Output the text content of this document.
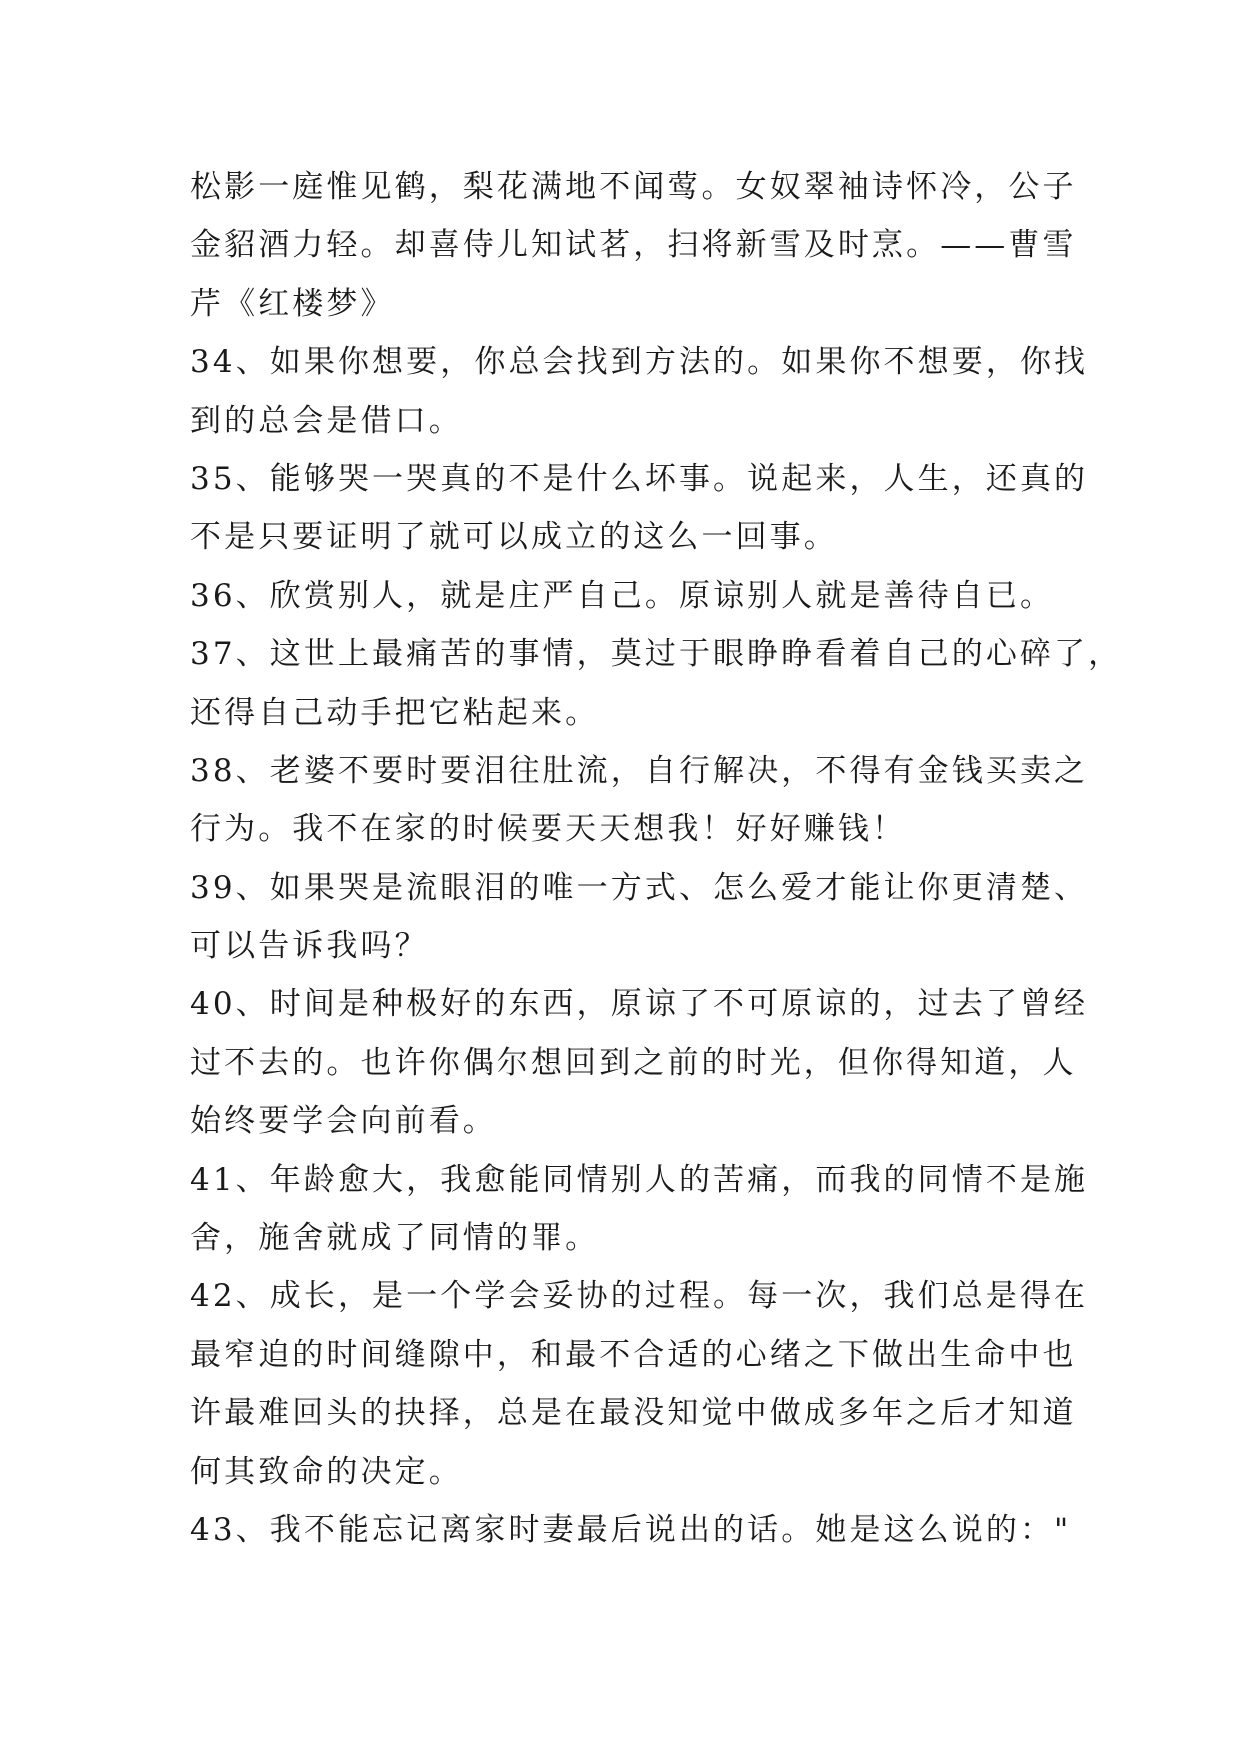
松影一庭惟见鹤，梨花满地不闻莺。女奴翠袖诗怀冷，公子
金貂酒力轻。却喜侍儿知试茗，扫将新雪及时烹。——曹雪
芹《红楼梦》
34、如果你想要，你总会找到方法的。如果你不想要，你找
到的总会是借口。
35、能够哭一哭真的不是什么坏事。说起来，人生，还真的
不是只要证明了就可以成立的这么一回事。
36、欣赏别人，就是庄严自己。原谅别人就是善待自已。
37、这世上最痛苦的事情，莫过于眼睁睁看着自己的心碎了，
还得自己动手把它粘起来。
38、老婆不要时要泪往肚流，自行解决，不得有金钱买卖之
行为。我不在家的时候要天天想我！好好赚钱！
39、如果哭是流眼泪的唯一方式、怎么爱才能让你更清楚、
可以告诉我吗？
40、时间是种极好的东西，原谅了不可原谅的，过去了曾经
过不去的。也许你偶尔想回到之前的时光，但你得知道，人
始终要学会向前看。
41、年龄愈大，我愈能同情别人的苦痛，而我的同情不是施
舍，施舍就成了同情的罪。
42、成长，是一个学会妥协的过程。每一次，我们总是得在
最窄迫的时间缝隙中，和最不合适的心绪之下做出生命中也
许最难回头的抉择，总是在最没知觉中做成多年之后才知道
何其致命的决定。
43、我不能忘记离家时妻最后说出的话。她是这么说的："
